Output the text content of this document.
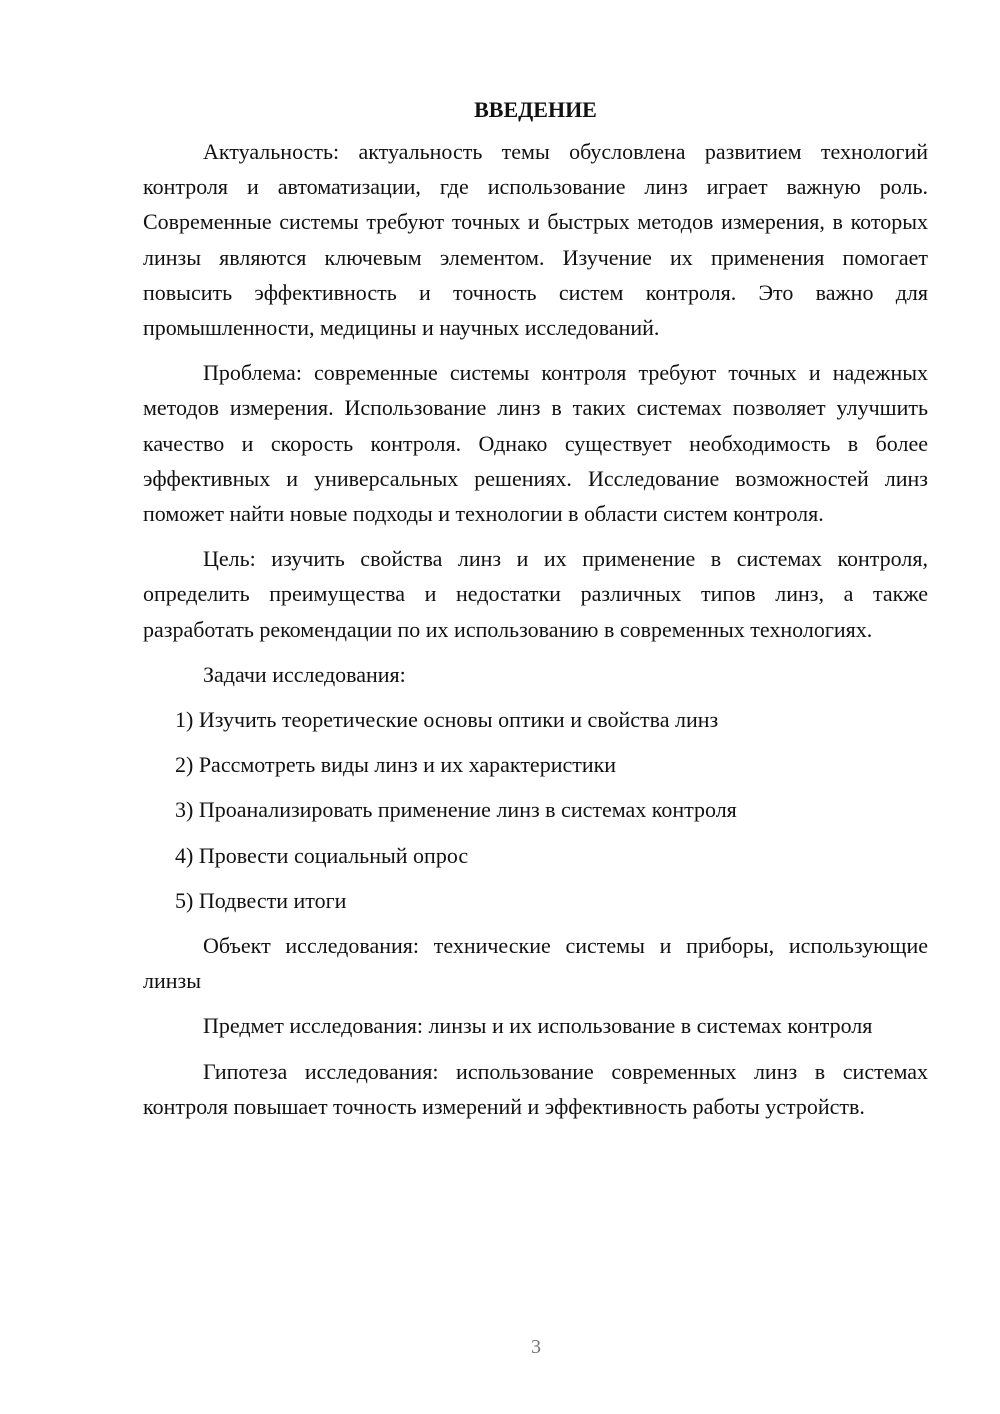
ВВЕДЕНИЕ

Актуальность: актуальность темы обусловлена развитием технологий контроля и автоматизации, где использование линз играет важную роль. Современные системы требуют точных и быстрых методов измерения, в которых линзы являются ключевым элементом. Изучение их применения помогает повысить эффективность и точность систем контроля. Это важно для промышленности, медицины и научных исследований.

Проблема: современные системы контроля требуют точных и надежных методов измерения. Использование линз в таких системах позволяет улучшить качество и скорость контроля. Однако существует необходимость в более эффективных и универсальных решениях. Исследование возможностей линз поможет найти новые подходы и технологии в области систем контроля.

Цель: изучить свойства линз и их применение в системах контроля, определить преимущества и недостатки различных типов линз, а также разработать рекомендации по их использованию в современных технологиях.

Задачи исследования:

1) Изучить теоретические основы оптики и свойства линз
2) Рассмотреть виды линз и их характеристики
3) Проанализировать применение линз в системах контроля
4) Провести социальный опрос
5) Подвести итоги

Объект исследования: технические системы и приборы, использующие линзы

Предмет исследования: линзы и их использование в системах контроля

Гипотеза исследования: использование современных линз в системах контроля повышает точность измерений и эффективность работы устройств.

3
